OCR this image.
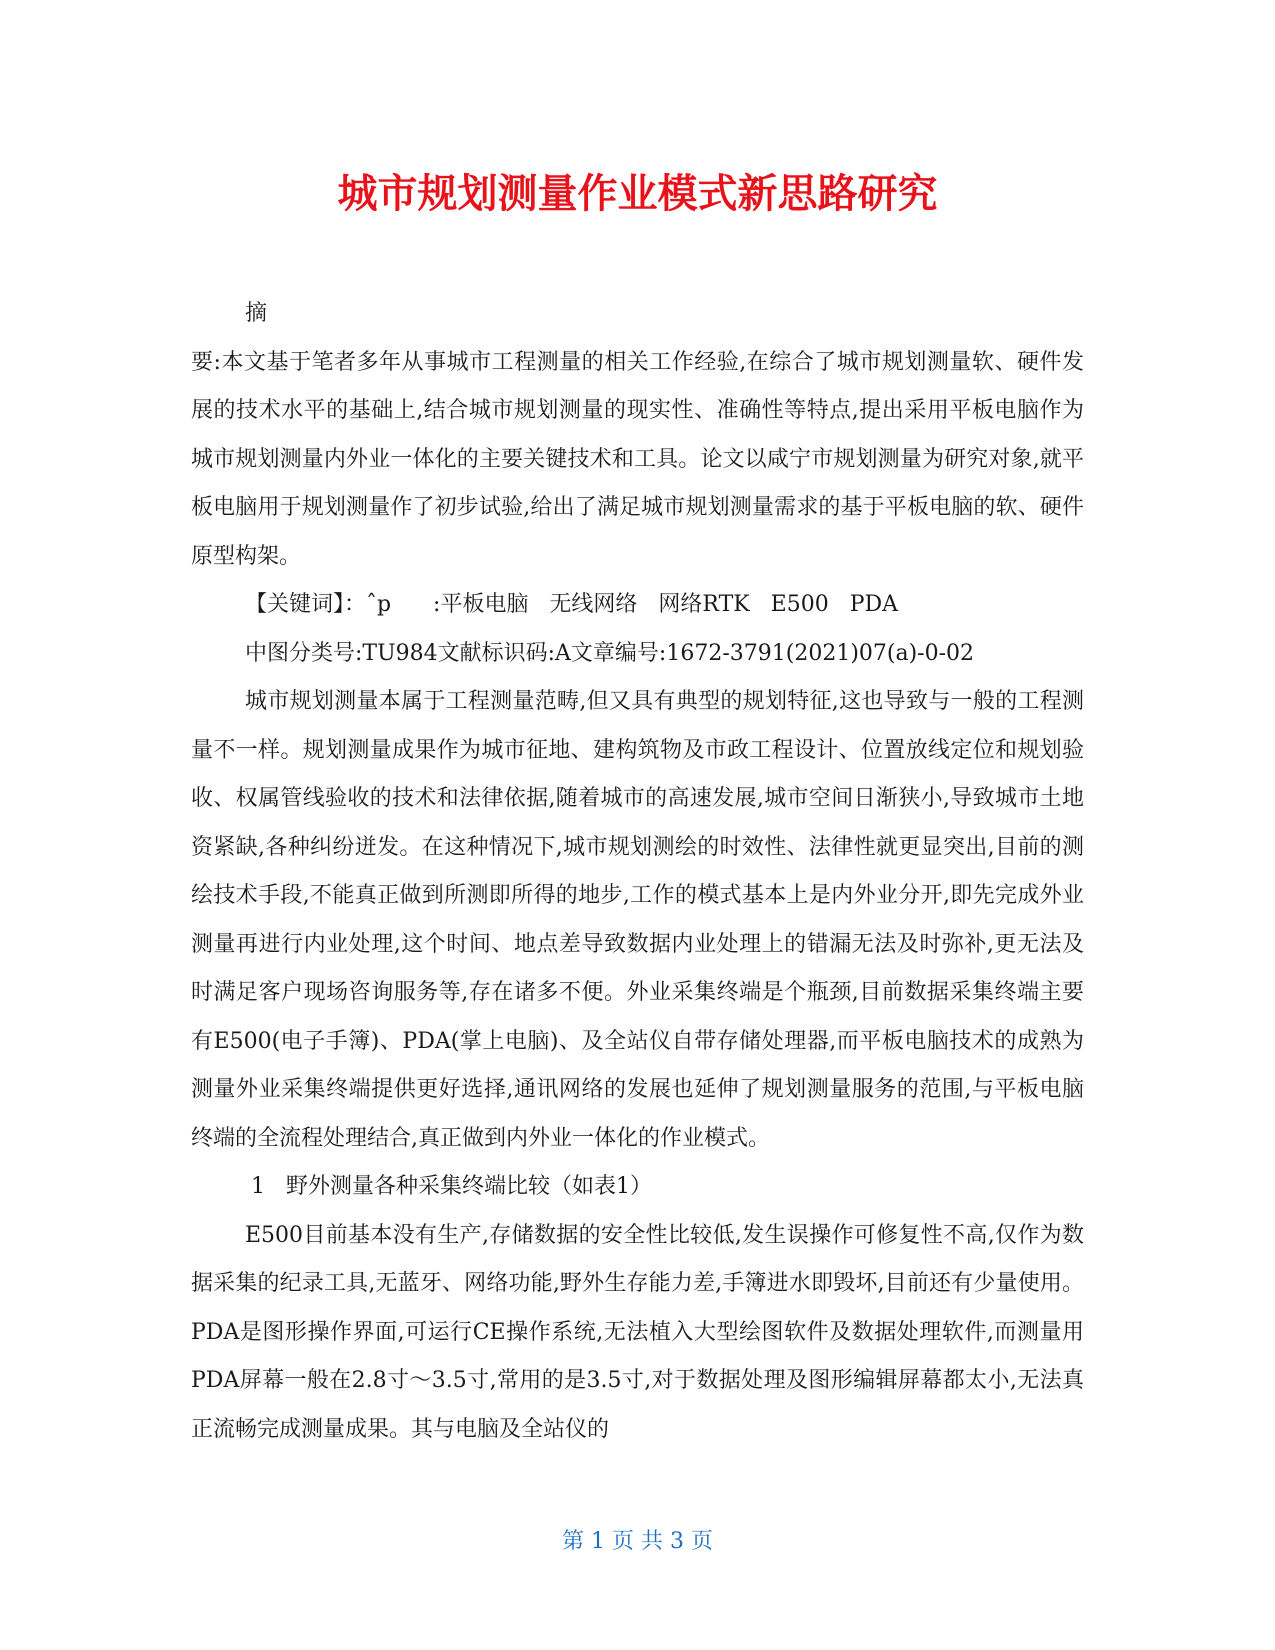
城市规划测量作业模式新思路研究

摘

要:本文基于笔者多年从事城市工程测量的相关工作经验,在综合了城市规划测量软、硬件发展的技术水平的基础上,结合城市规划测量的现实性、准确性等特点,提出采用平板电脑作为城市规划测量内外业一体化的主要关键技术和工具。论文以咸宁市规划测量为研究对象,就平板电脑用于规划测量作了初步试验,给出了满足城市规划测量需求的基于平板电脑的软、硬件原型构架。

【关键词】：ˆp      :平板电脑   无线网络   网络RTK   E500   PDA

中图分类号:TU984文献标识码:A文章编号:1672-3791(2021)07(a)-0-02

城市规划测量本属于工程测量范畴,但又具有典型的规划特征,这也导致与一般的工程测量不一样。规划测量成果作为城市征地、建构筑物及市政工程设计、位置放线定位和规划验收、权属管线验收的技术和法律依据,随着城市的高速发展,城市空间日渐狭小,导致城市土地资紧缺,各种纠纷迸发。在这种情况下,城市规划测绘的时效性、法律性就更显突出,目前的测绘技术手段,不能真正做到所测即所得的地步,工作的模式基本上是内外业分开,即先完成外业测量再进行内业处理,这个时间、地点差导致数据内业处理上的错漏无法及时弥补,更无法及时满足客户现场咨询服务等,存在诸多不便。外业采集终端是个瓶颈,目前数据采集终端主要有E500(电子手簿)、PDA(掌上电脑)、及全站仪自带存储处理器,而平板电脑技术的成熟为测量外业采集终端提供更好选择,通讯网络的发展也延伸了规划测量服务的范围,与平板电脑终端的全流程处理结合,真正做到内外业一体化的作业模式。

1   野外测量各种采集终端比较（如表1）

E500目前基本没有生产,存储数据的安全性比较低,发生误操作可修复性不高,仅作为数据采集的纪录工具,无蓝牙、网络功能,野外生存能力差,手簿进水即毁坏,目前还有少量使用。PDA是图形操作界面,可运行CE操作系统,无法植入大型绘图软件及数据处理软件,而测量用PDA屏幕一般在2.8寸～3.5寸,常用的是3.5寸,对于数据处理及图形编辑屏幕都太小,无法真正流畅完成测量成果。其与电脑及全站仪的

第 1 页 共 3 页
